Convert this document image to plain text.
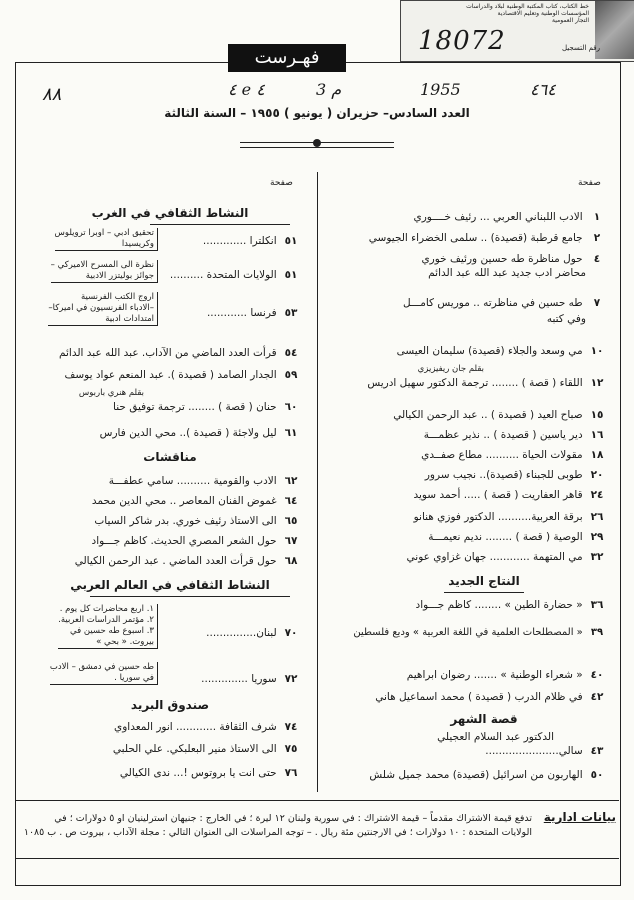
خط الكتاب، كتاب المكتبة الوطنية لبلاد والدراسات
المؤسسات الوطنية وتعليم الاقتصادية
التجار العمومية
18072	رقم التسجيل
فهـرست
٤ e ٤	3 م	1955	٤٦٤
٨٨
العدد السادس– حزيران ( يونيو ) ١٩٥٥ – السنة الثالثة
صفحة	صفحة
١ الادب اللبناني العربي ... رئيف خــــوري
٢ جامع قرطبة (قصيدة) .. سلمى الخضراء الجيوسي
٤ حول مناظرة طه حسين ورئيف خوري
محاضر ادب جديد عبد الله عبد الدائم
٧ طه حسين في مناظرته .. موريس كامـــل
وفي كتبه
١٠ مي وسعد والجلاء (قصيدة) سليمان العيسى
بقلم جان ريفيزيزي
١٢ اللقاء ( قصة ) ........ ترجمة الدكتور سهيل ادريس
١٥ صباح العيد ( قصيدة ) .. عبد الرحمن الكيالي
١٦ دير ياسين ( قصيدة ) .. نذير عظمـــة
١٨ مقولات الحياة .......... مطاع صفــدي
٢٠ طوبى للجبناء (قصيدة).. نجيب سرور
٢٤ قاهر العفاريت ( قصة ) ..... أحمد سويد
٢٦ برقة العربية.......... الدكتور فوزي هنانو
٢٩ الوصية ( قصة ) ........ نديم نعيمـــة
٣٢ مي المتهمة ............ جهان غزاوي عوني
النتاج الجديد
٣٦ « حضارة الطين » ........ كاظم جـــواد
٣٩ « المصطلحات العلمية في اللغة العربية » وديع فلسطين
٤٠ « شعراء الوطنية » ....... رضوان ابراهيم
٤٢ في ظلام الدرب ( قصيدة ) محمد اسماعيل هاني
قصة الشهر
الدكتور عبد السلام العجيلي
٤٣ سالي......................
٥٠ الهاربون من اسرائيل (قصيدة) محمد جميل شلش
النشاط الثقافي في الغرب
٥١ انكلترا .............
تحقيق ادبي – اوبرا ترويلوس
وكريسيدا
٥١ الولايات المتحدة ..........
نظرة الى المسرح الاميركي –
جوائز بوليتزر الادبية
٥٣ فرنسا ............
اروج الكتب الفرنسية
–الادباء الفرنسيون في اميركا–
امتدادات ادبية
٥٤ قرأت العدد الماضي من الآداب. عبد الله عبد الدائم
٥٩ الجدار الصامد ( قصيدة ). عبد المنعم عواد يوسف
بقلم هنري باربوس
٦٠ حنان ( قصة ) ........ ترجمة توفيق حنا
٦١ ليل ولاجئة ( قصيدة ).. محي الدين فارس
مناقشات
٦٢ الادب والقومية .......... سامي عطفـــة
٦٤ غموض الفنان المعاصر .. محي الدين محمد
٦٥ الى الاستاذ رئيف خوري. بدر شاكر السياب
٦٧ حول الشعر المصري الحديث. كاظم جـــواد
٦٨ حول قرأت العدد الماضي . عبد الرحمن الكيالي
النشاط الثقافي في العالم العربي
٧٠ لبنان...............
١. اربع محاضرات كل يوم .
٢. مؤتمر الدراسات العربية.
٣. اسبوع طه حسين في
بيروت. « بحي »
٧٢ سوريا ..............
طه حسين في دمشق – الادب
في سوريا .
صندوق البريد
٧٤ شرف الثقافة ............ انور المعداوي
٧٥ الى الاستاذ منير البعلبكي. علي الحلبي
٧٦ حتى انت يا بروتوس !... ندى الكيالي
بيانات ادارية
تدفع قيمة الاشتراك مقدماً – قيمة الاشتراك : في سورية ولبنان ١٢ ليرة ؛ في الخارج : جنيهان استرلينيان او ٥ دولارات ؛ في الولايات المتحدة : ١٠ دولارات ؛ في الارجنتين مئة ريال . – توجه المراسلات الى العنوان التالي : مجلة الآداب ، بيروت ص . ب ١٠٨٥
